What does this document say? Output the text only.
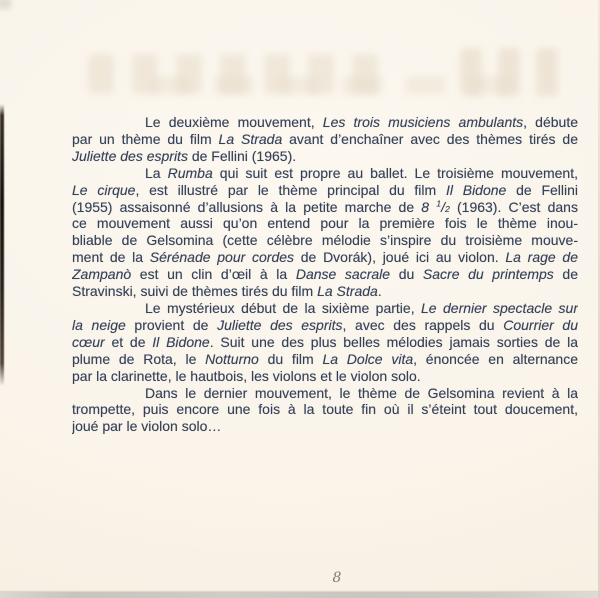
Le deuxième mouvement, Les trois musiciens ambulants, débute
par un thème du film La Strada avant d’enchaîner avec des thèmes tirés de
Juliette des esprits de Fellini (1965).

La Rumba qui suit est propre au ballet. Le troisième mouvement,
Le cirque, est illustré par le thème principal du film Il Bidone de Fellini
(1955) assaisonné d’allusions à la petite marche de 8 $^1$/2 (1963). C’est dans
ce mouvement aussi qu’on entend pour la première fois le thème inou-
bliable de Gelsomina (cette célèbre mélodie s’inspire du troisième mouve-
ment de la Sérénade pour cordes de Dvorák), joué ici au violon. La rage de
Zampanò est un clin d’œil à la Danse sacrale du Sacre du printemps de
Stravinski, suivi de thèmes tirés du film La Strada.

Le mystérieux début de la sixième partie, Le dernier spectacle sur
la neige provient de Juliette des esprits, avec des rappels du Courrier du
cœur et de Il Bidone. Suit une des plus belles mélodies jamais sorties de la
plume de Rota, le Notturno du film La Dolce vita, énoncée en alternance
par la clarinette, le hautbois, les violons et le violon solo.

Dans le dernier mouvement, le thème de Gelsomina revient à la
trompette, puis encore une fois à la toute fin où il s’éteint tout doucement,
joué par le violon solo…

8
